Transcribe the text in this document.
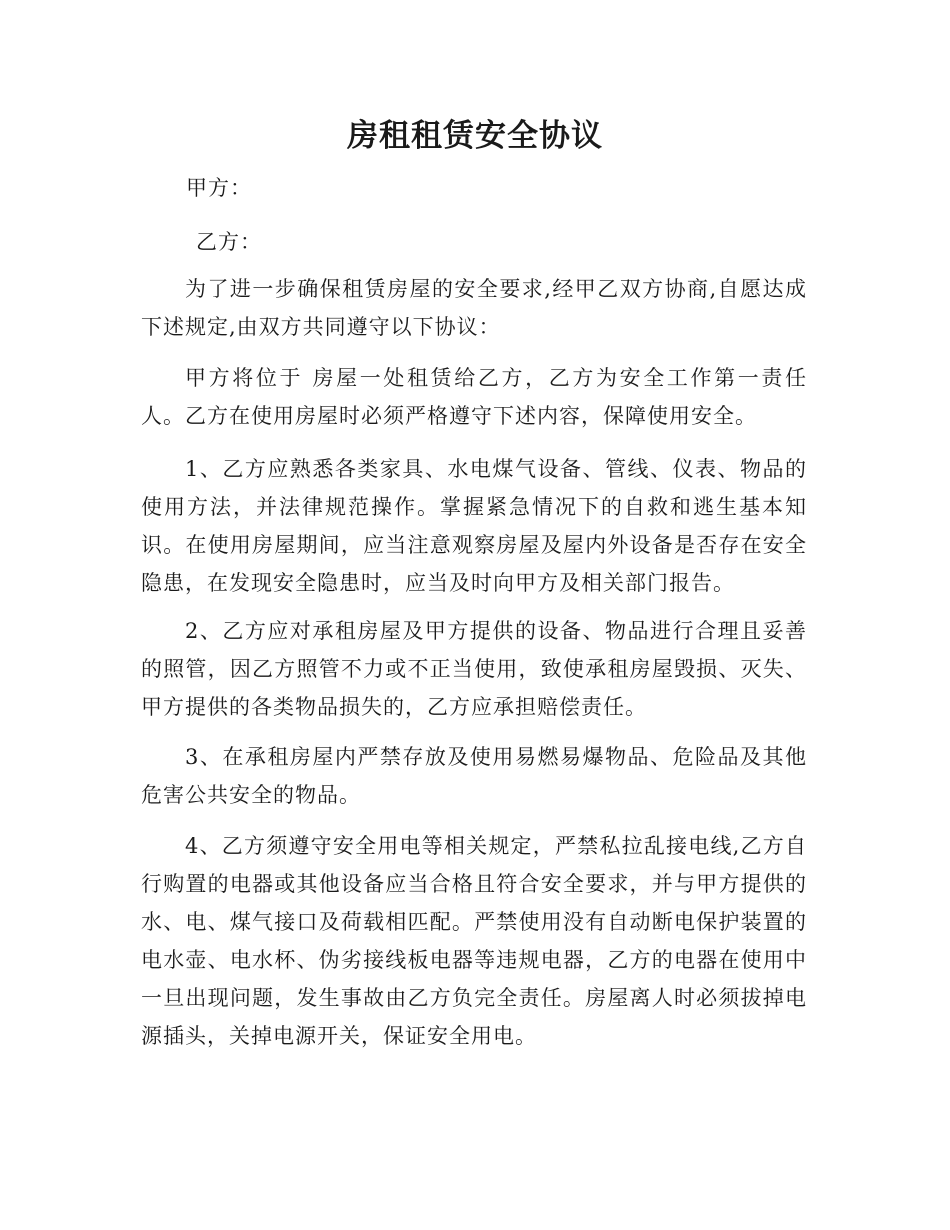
房租租赁安全协议
甲方：
乙方：

为了进一步确保租赁房屋的安全要求,经甲乙双方协商,自愿达成下述规定,由双方共同遵守以下协议：

甲方将位于 房屋一处租赁给乙方，乙方为安全工作第一责任人。乙方在使用房屋时必须严格遵守下述内容，保障使用安全。

1、乙方应熟悉各类家具、水电煤气设备、管线、仪表、物品的使用方法，并法律规范操作。掌握紧急情况下的自救和逃生基本知识。在使用房屋期间，应当注意观察房屋及屋内外设备是否存在安全隐患，在发现安全隐患时，应当及时向甲方及相关部门报告。

2、乙方应对承租房屋及甲方提供的设备、物品进行合理且妥善的照管，因乙方照管不力或不正当使用，致使承租房屋毁损、灭失、甲方提供的各类物品损失的，乙方应承担赔偿责任。

3、在承租房屋内严禁存放及使用易燃易爆物品、危险品及其他危害公共安全的物品。

4、乙方须遵守安全用电等相关规定，严禁私拉乱接电线,乙方自行购置的电器或其他设备应当合格且符合安全要求，并与甲方提供的水、电、煤气接口及荷载相匹配。严禁使用没有自动断电保护装置的电水壶、电水杯、伪劣接线板电器等违规电器，乙方的电器在使用中一旦出现问题，发生事故由乙方负完全责任。房屋离人时必须拔掉电源插头，关掉电源开关，保证安全用电。
